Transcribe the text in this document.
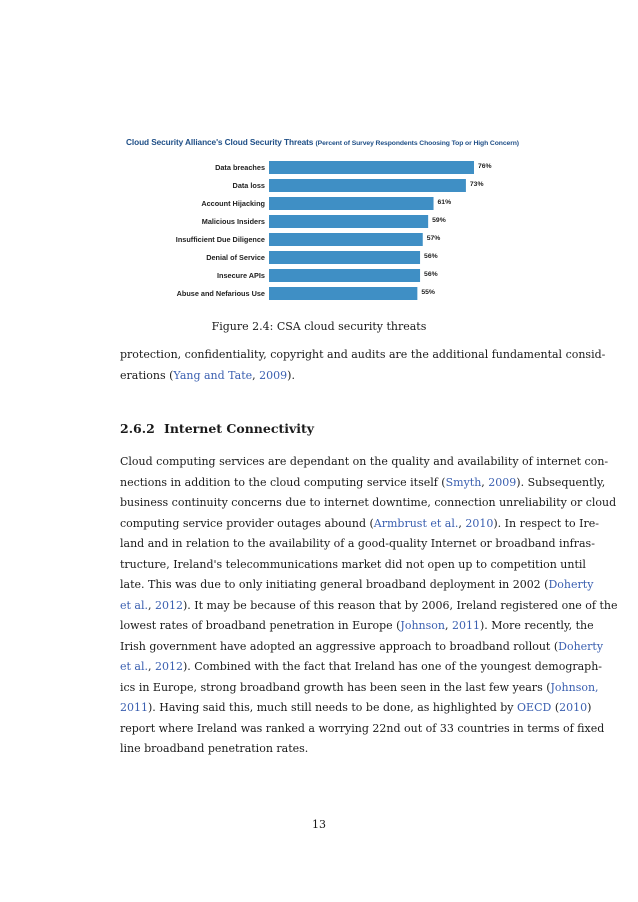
Cloud Security Alliance's Cloud Security Threats (Percent of Survey Respondents Choosing Top or High Concern)
Data breaches	76%
Data loss	73%
Account Hijacking	61%
Malicious Insiders	59%
Insufficient Due Diligence	57%
Denial of Service	56%
Insecure APIs	56%
Abuse and Nefarious Use	55%
Figure 2.4: CSA cloud security threats
protection, confidentiality, copyright and audits are the additional fundamental consid-
erations (Yang and Tate, 2009).
2.6.2 Internet Connectivity
Cloud computing services are dependant on the quality and availability of internet con-
nections in addition to the cloud computing service itself (Smyth, 2009). Subsequently,
business continuity concerns due to internet downtime, connection unreliability or cloud
computing service provider outages abound (Armbrust et al., 2010). In respect to Ire-
land and in relation to the availability of a good-quality Internet or broadband infras-
tructure, Ireland's telecommunications market did not open up to competition until
late. This was due to only initiating general broadband deployment in 2002 (Doherty
et al., 2012). It may be because of this reason that by 2006, Ireland registered one of the
lowest rates of broadband penetration in Europe (Johnson, 2011). More recently, the
Irish government have adopted an aggressive approach to broadband rollout (Doherty
et al., 2012). Combined with the fact that Ireland has one of the youngest demograph-
ics in Europe, strong broadband growth has been seen in the last few years (Johnson,
2011). Having said this, much still needs to be done, as highlighted by OECD (2010)
report where Ireland was ranked a worrying 22nd out of 33 countries in terms of fixed
line broadband penetration rates.
13
